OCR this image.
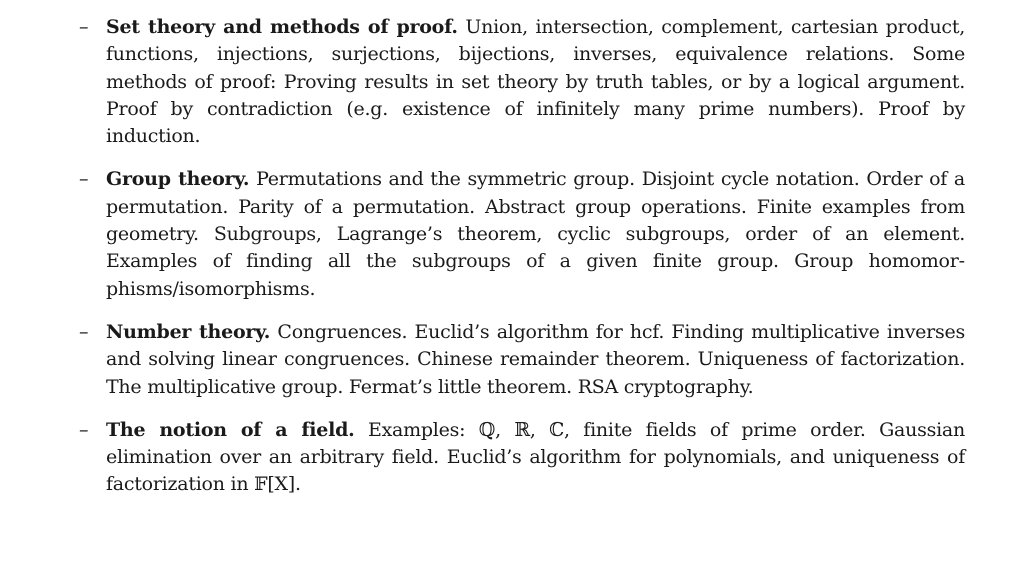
– Set theory and methods of proof. Union, intersection, complement, cartesian product, functions, injections, surjections, bijections, inverses, equivalence relations. Some methods of proof: Proving results in set theory by truth tables, or by a logical argument. Proof by contradiction (e.g. existence of infinitely many prime numbers). Proof by induction.
– Group theory. Permutations and the symmetric group. Disjoint cycle notation. Order of a permutation. Parity of a permutation. Abstract group operations. Finite examples from geometry. Subgroups, Lagrange’s theorem, cyclic subgroups, order of an element. Examples of finding all the subgroups of a given finite group. Group homomorphisms/isomorphisms.
– Number theory. Congruences. Euclid’s algorithm for hcf. Finding multiplicative inverses and solving linear congruences. Chinese remainder theorem. Uniqueness of factorization. The multiplicative group. Fermat’s little theorem. RSA cryptography.
– The notion of a field. Examples: ℚ, ℝ, ℂ, finite fields of prime order. Gaussian elimination over an arbitrary field. Euclid’s algorithm for polynomials, and uniqueness of factorization in 𝔽[X].
